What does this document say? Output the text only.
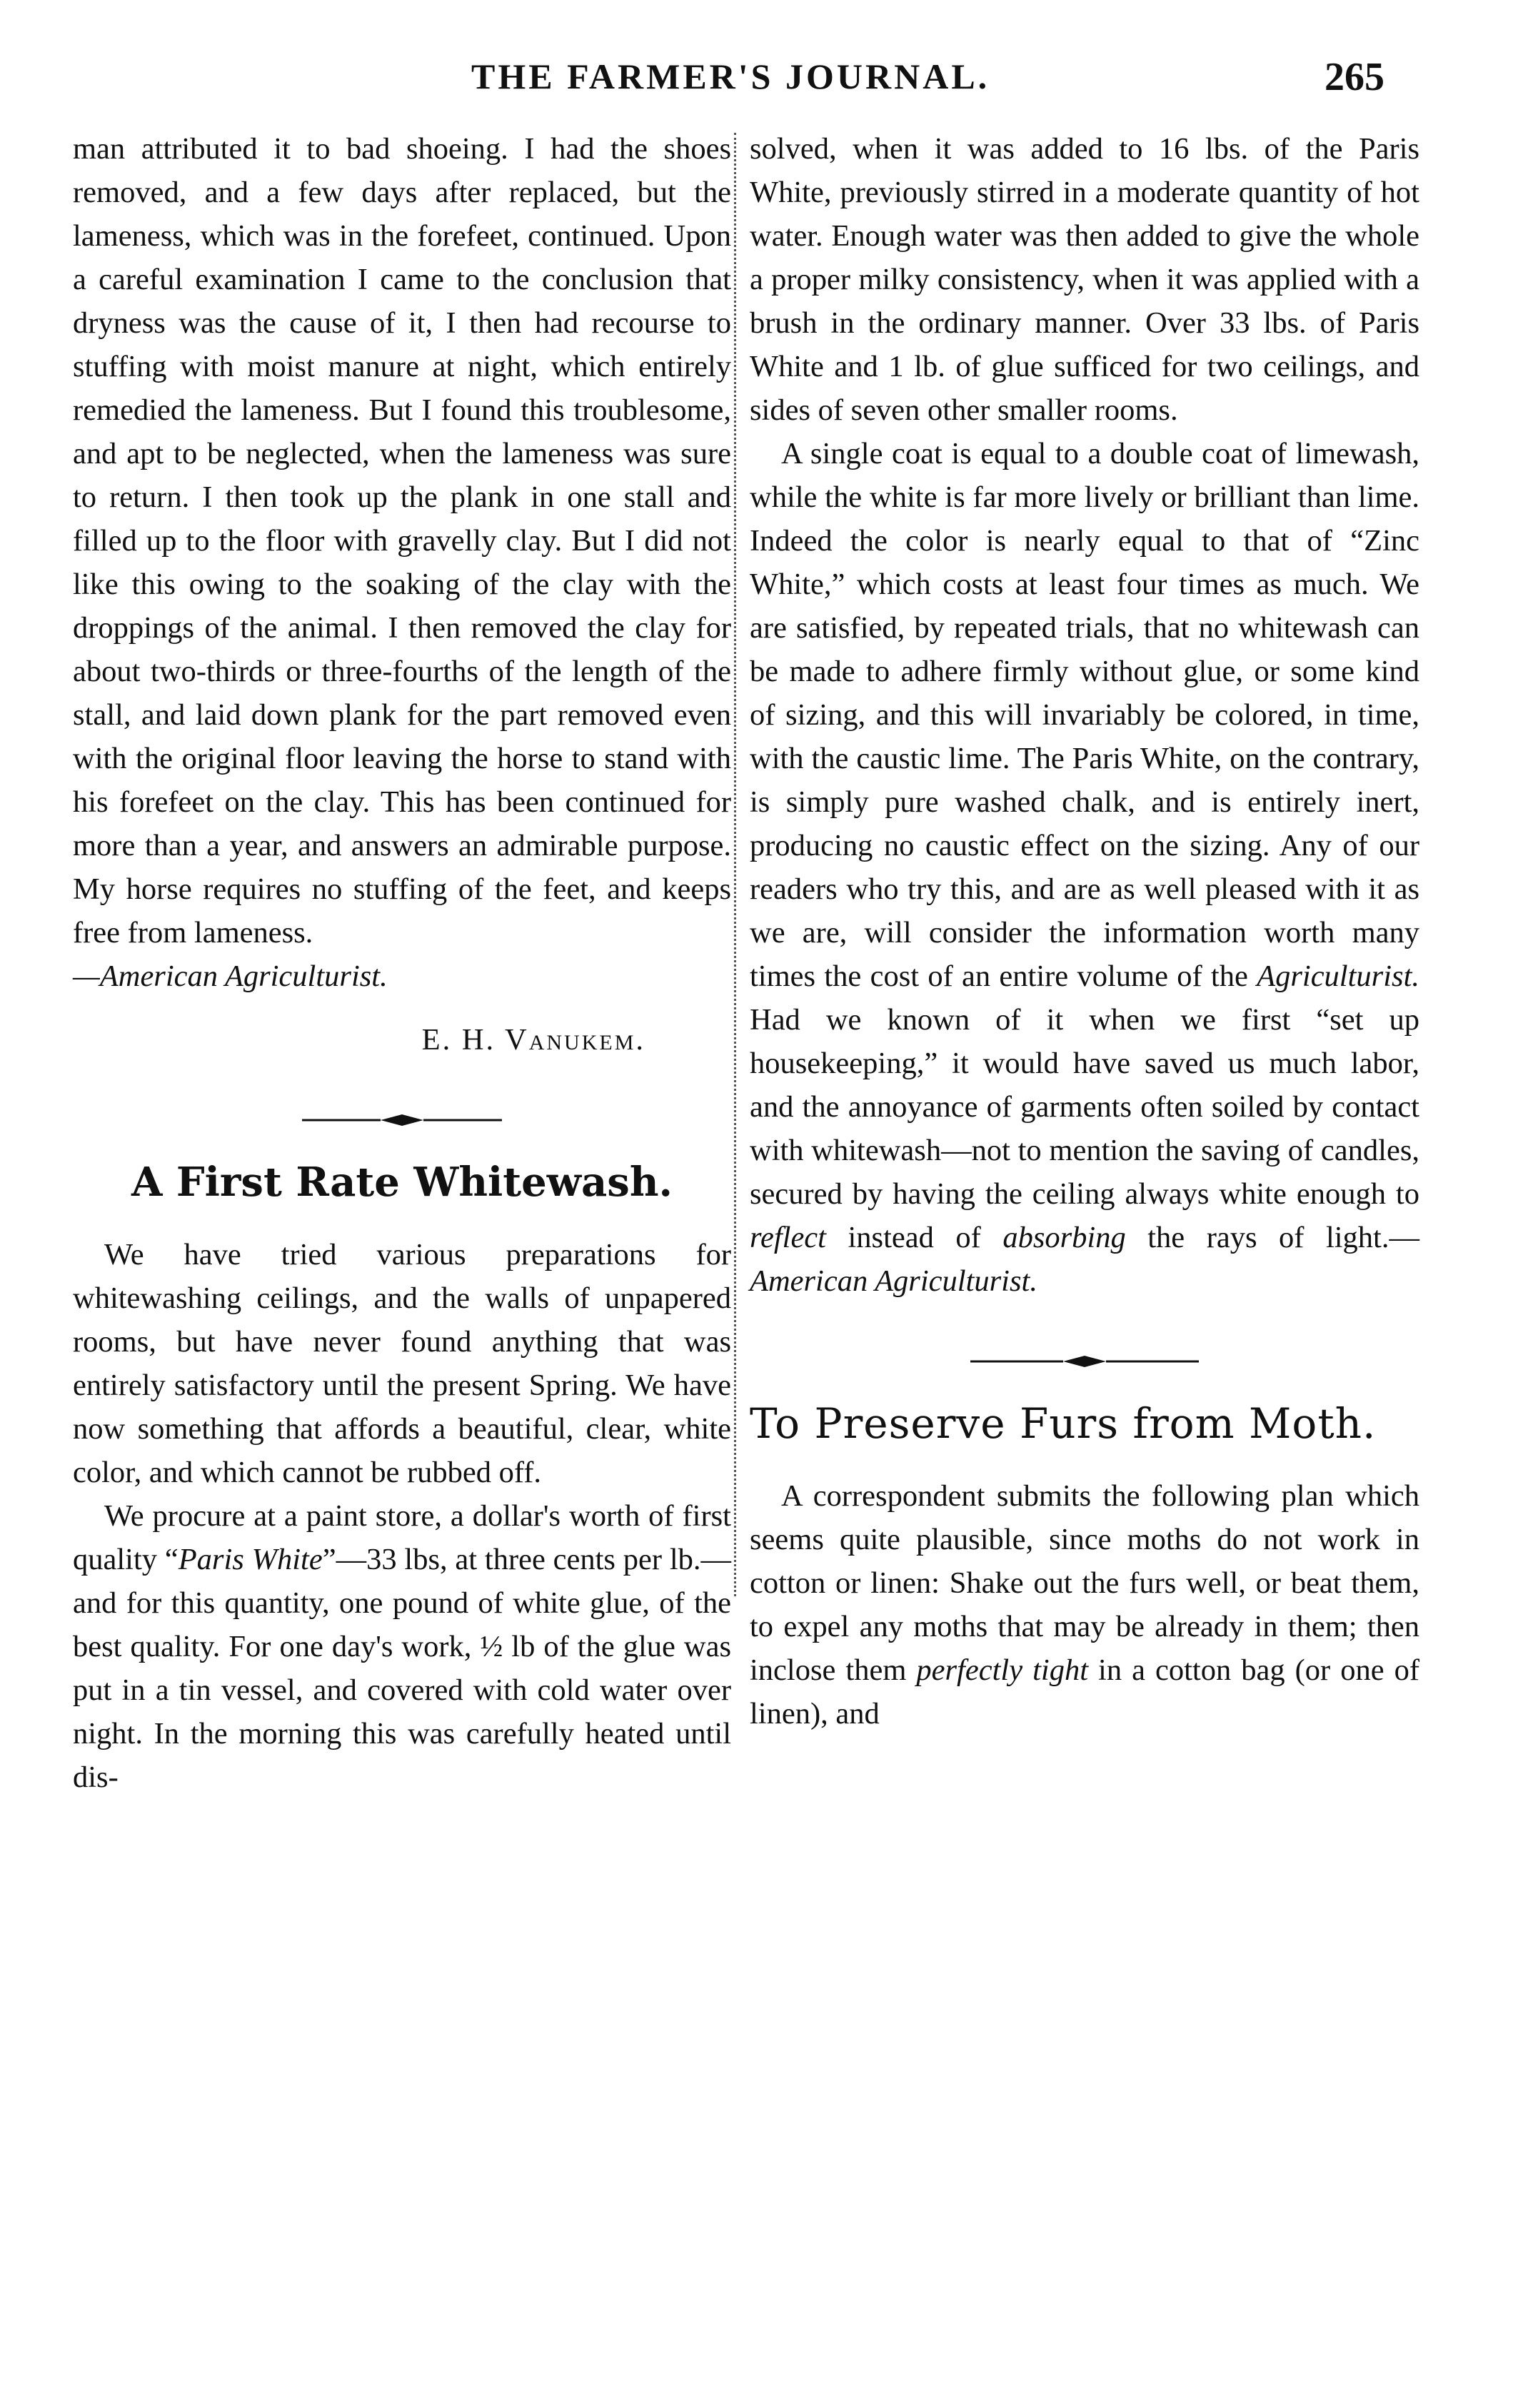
THE FARMER'S JOURNAL.	265

man attributed it to bad shoeing. I had the shoes removed, and a few days after replaced, but the lameness, which was in the forefeet, continued. Upon a careful examination I came to the conclusion that dryness was the cause of it, I then had recourse to stuffing with moist manure at night, which entirely remedied the lameness. But I found this troublesome, and apt to be neglected, when the lameness was sure to return. I then took up the plank in one stall and filled up to the floor with gravelly clay. But I did not like this owing to the soaking of the clay with the droppings of the animal. I then removed the clay for about two-thirds or three-fourths of the length of the stall, and laid down plank for the part removed even with the original floor leaving the horse to stand with his forefeet on the clay. This has been continued for more than a year, and answers an admirable purpose. My horse requires no stuffing of the feet, and keeps free from lameness.

—American Agriculturist.

E. H. Vanukem.

A First Rate Whitewash.

We have tried various preparations for whitewashing ceilings, and the walls of unpapered rooms, but have never found anything that was entirely satisfactory until the present Spring. We have now something that affords a beautiful, clear, white color, and which cannot be rubbed off.

We procure at a paint store, a dollar's worth of first quality “Paris White”—33 lbs, at three cents per lb.—and for this quantity, one pound of white glue, of the best quality. For one day's work, ½ lb of the glue was put in a tin vessel, and covered with cold water over night. In the morning this was carefully heated until dis-

solved, when it was added to 16 lbs. of the Paris White, previously stirred in a moderate quantity of hot water. Enough water was then added to give the whole a proper milky consistency, when it was applied with a brush in the ordinary manner. Over 33 lbs. of Paris White and 1 lb. of glue sufficed for two ceilings, and sides of seven other smaller rooms.

A single coat is equal to a double coat of limewash, while the white is far more lively or brilliant than lime. Indeed the color is nearly equal to that of “Zinc White,” which costs at least four times as much. We are satisfied, by repeated trials, that no whitewash can be made to adhere firmly without glue, or some kind of sizing, and this will invariably be colored, in time, with the caustic lime. The Paris White, on the contrary, is simply pure washed chalk, and is entirely inert, producing no caustic effect on the sizing. Any of our readers who try this, and are as well pleased with it as we are, will consider the information worth many times the cost of an entire volume of the Agriculturist. Had we known of it when we first “set up housekeeping,” it would have saved us much labor, and the annoyance of garments often soiled by contact with whitewash—not to mention the saving of candles, secured by having the ceiling always white enough to reflect instead of absorbing the rays of light.—American Agriculturist.

To Preserve Furs from Moth.

A correspondent submits the following plan which seems quite plausible, since moths do not work in cotton or linen: Shake out the furs well, or beat them, to expel any moths that may be already in them; then inclose them perfectly tight in a cotton bag (or one of linen), and
